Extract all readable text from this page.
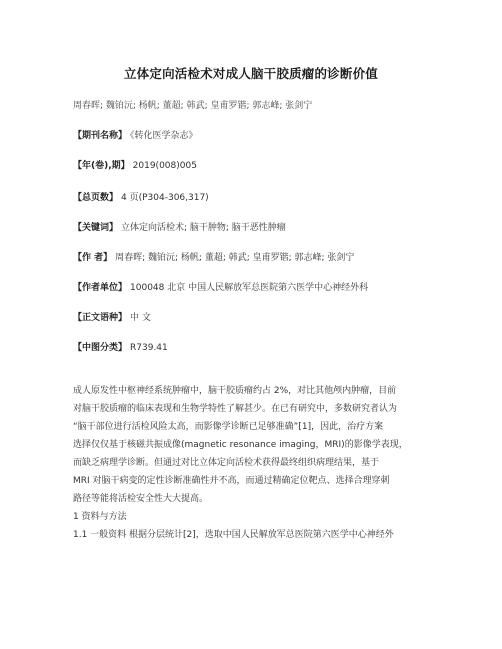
立体定向活检术对成人脑干胶质瘤的诊断价值
周春晖; 魏铂沅; 杨帆; 董超; 韩武; 皇甫罗锴; 郭志峰; 张剑宁
【期刊名称】 《转化医学杂志》
【年(卷),期】 2019(008)005
【总页数】 4 页(P304-306,317)
【关键词】 立体定向活检术; 脑干肿物; 脑干恶性肿瘤
【作 者】 周春晖; 魏铂沅; 杨帆; 董超; 韩武; 皇甫罗锴; 郭志峰; 张剑宁
【作者单位】 100048 北京 中国人民解放军总医院第六医学中心神经外科
【正文语种】 中 文
【中图分类】 R739.41
成人原发性中枢神经系统肿瘤中，脑干胶质瘤约占 2%，对比其他颅内肿瘤，目前
对脑干胶质瘤的临床表现和生物学特性了解甚少。在已有研究中，多数研究者认为
“脑干部位进行活检风险太高，而影像学诊断已足够准确”[1]，因此，治疗方案
选择仅仅基于核磁共振成像(magnetic resonance imaging，MRI)的影像学表现，
而缺乏病理学诊断。但通过对比立体定向活检术获得最终组织病理结果，基于
MRI 对脑干病变的定性诊断准确性并不高，而通过精确定位靶点、选择合理穿刺
路径等能将活检安全性大大提高。
1 资料与方法
1.1 一般资料 根据分层统计[2]，选取中国人民解放军总医院第六医学中心神经外
